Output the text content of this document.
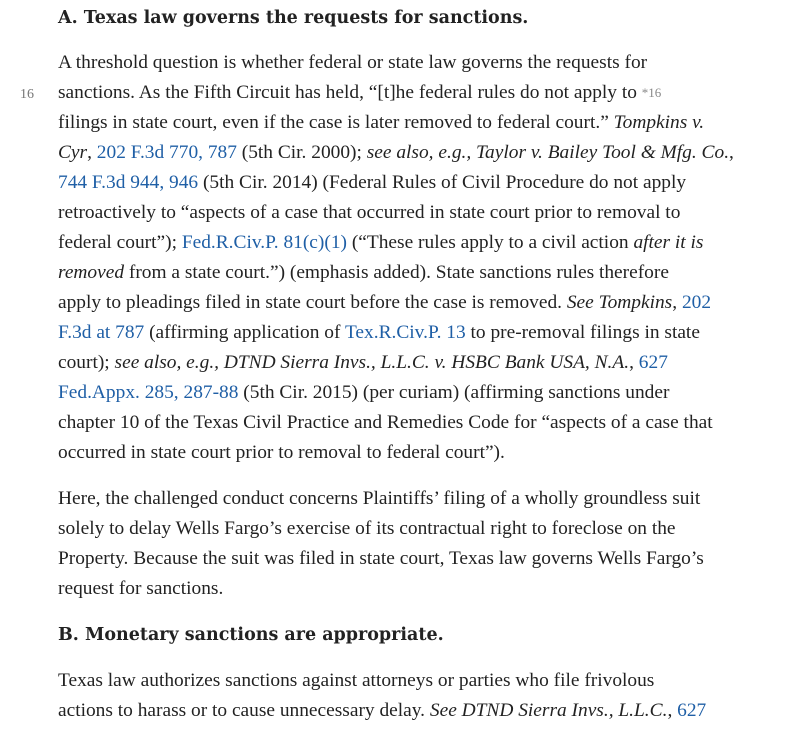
A. Texas law governs the requests for sanctions.
16

A threshold question is whether federal or state law governs the requests for
sanctions. As the Fifth Circuit has held, “[t]he federal rules do not apply to *16
filings in state court, even if the case is later removed to federal court.” Tompkins v.
Cyr, 202 F.3d 770, 787 (5th Cir. 2000); see also, e.g., Taylor v. Bailey Tool & Mfg. Co.,
744 F.3d 944, 946 (5th Cir. 2014) (Federal Rules of Civil Procedure do not apply
retroactively to “aspects of a case that occurred in state court prior to removal to
federal court”); Fed.R.Civ.P. 81(c)(1) (“These rules apply to a civil action after it is
removed from a state court.”) (emphasis added). State sanctions rules therefore
apply to pleadings filed in state court before the case is removed. See Tompkins, 202
F.3d at 787 (affirming application of Tex.R.Civ.P. 13 to pre-removal filings in state
court); see also, e.g., DTND Sierra Invs., L.L.C. v. HSBC Bank USA, N.A., 627
Fed.Appx. 285, 287-88 (5th Cir. 2015) (per curiam) (affirming sanctions under
chapter 10 of the Texas Civil Practice and Remedies Code for “aspects of a case that
occurred in state court prior to removal to federal court”).

Here, the challenged conduct concerns Plaintiffs’ filing of a wholly groundless suit
solely to delay Wells Fargo’s exercise of its contractual right to foreclose on the
Property. Because the suit was filed in state court, Texas law governs Wells Fargo’s
request for sanctions.

B. Monetary sanctions are appropriate.

Texas law authorizes sanctions against attorneys or parties who file frivolous
actions to harass or to cause unnecessary delay. See DTND Sierra Invs., L.L.C., 627
